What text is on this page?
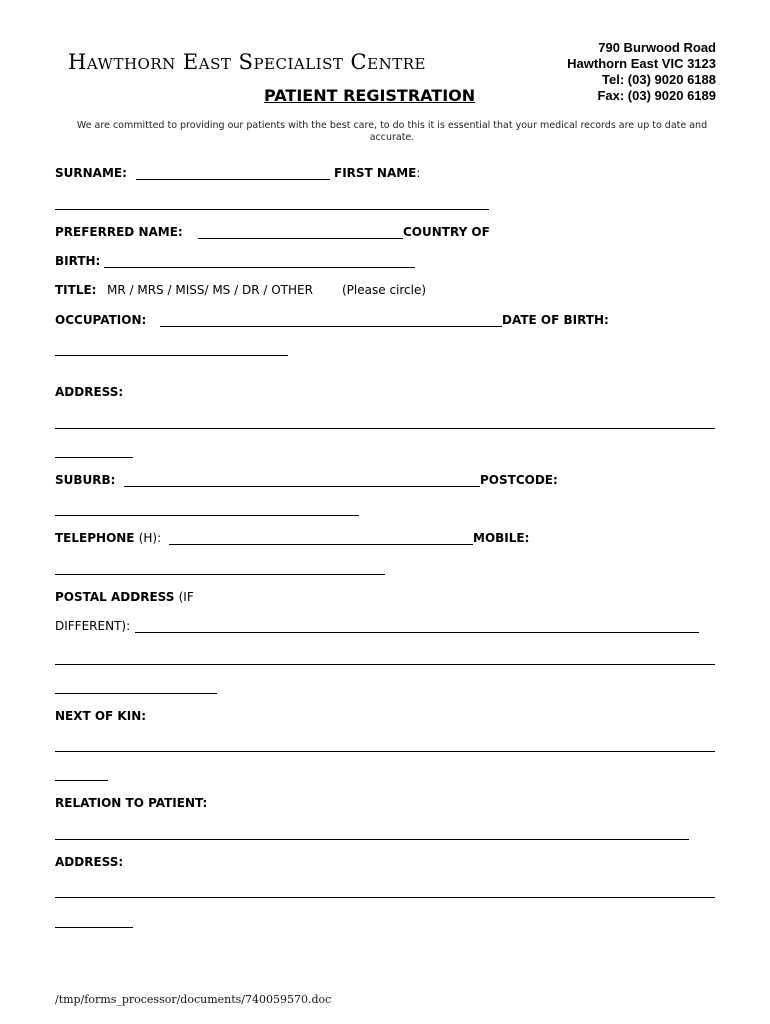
Hawthorn East Specialist Centre
790 Burwood Road
Hawthorn East VIC 3123
Tel: (03) 9020 6188
Fax: (03) 9020 6189
PATIENT REGISTRATION
We are committed to providing our patients with the best care, to do this it is essential that your medical records are up to date and accurate.
SURNAME:	FIRST NAME:
PREFERRED NAME:	COUNTRY OF
BIRTH:
TITLE: MR / MRS / MISS/ MS / DR / OTHER (Please circle)
OCCUPATION:	DATE OF BIRTH:
ADDRESS:
SUBURB:	POSTCODE:
TELEPHONE (H):	MOBILE:
POSTAL ADDRESS (IF
DIFFERENT):
NEXT OF KIN:
RELATION TO PATIENT:
ADDRESS:
/tmp/forms_processor/documents/740059570.doc
